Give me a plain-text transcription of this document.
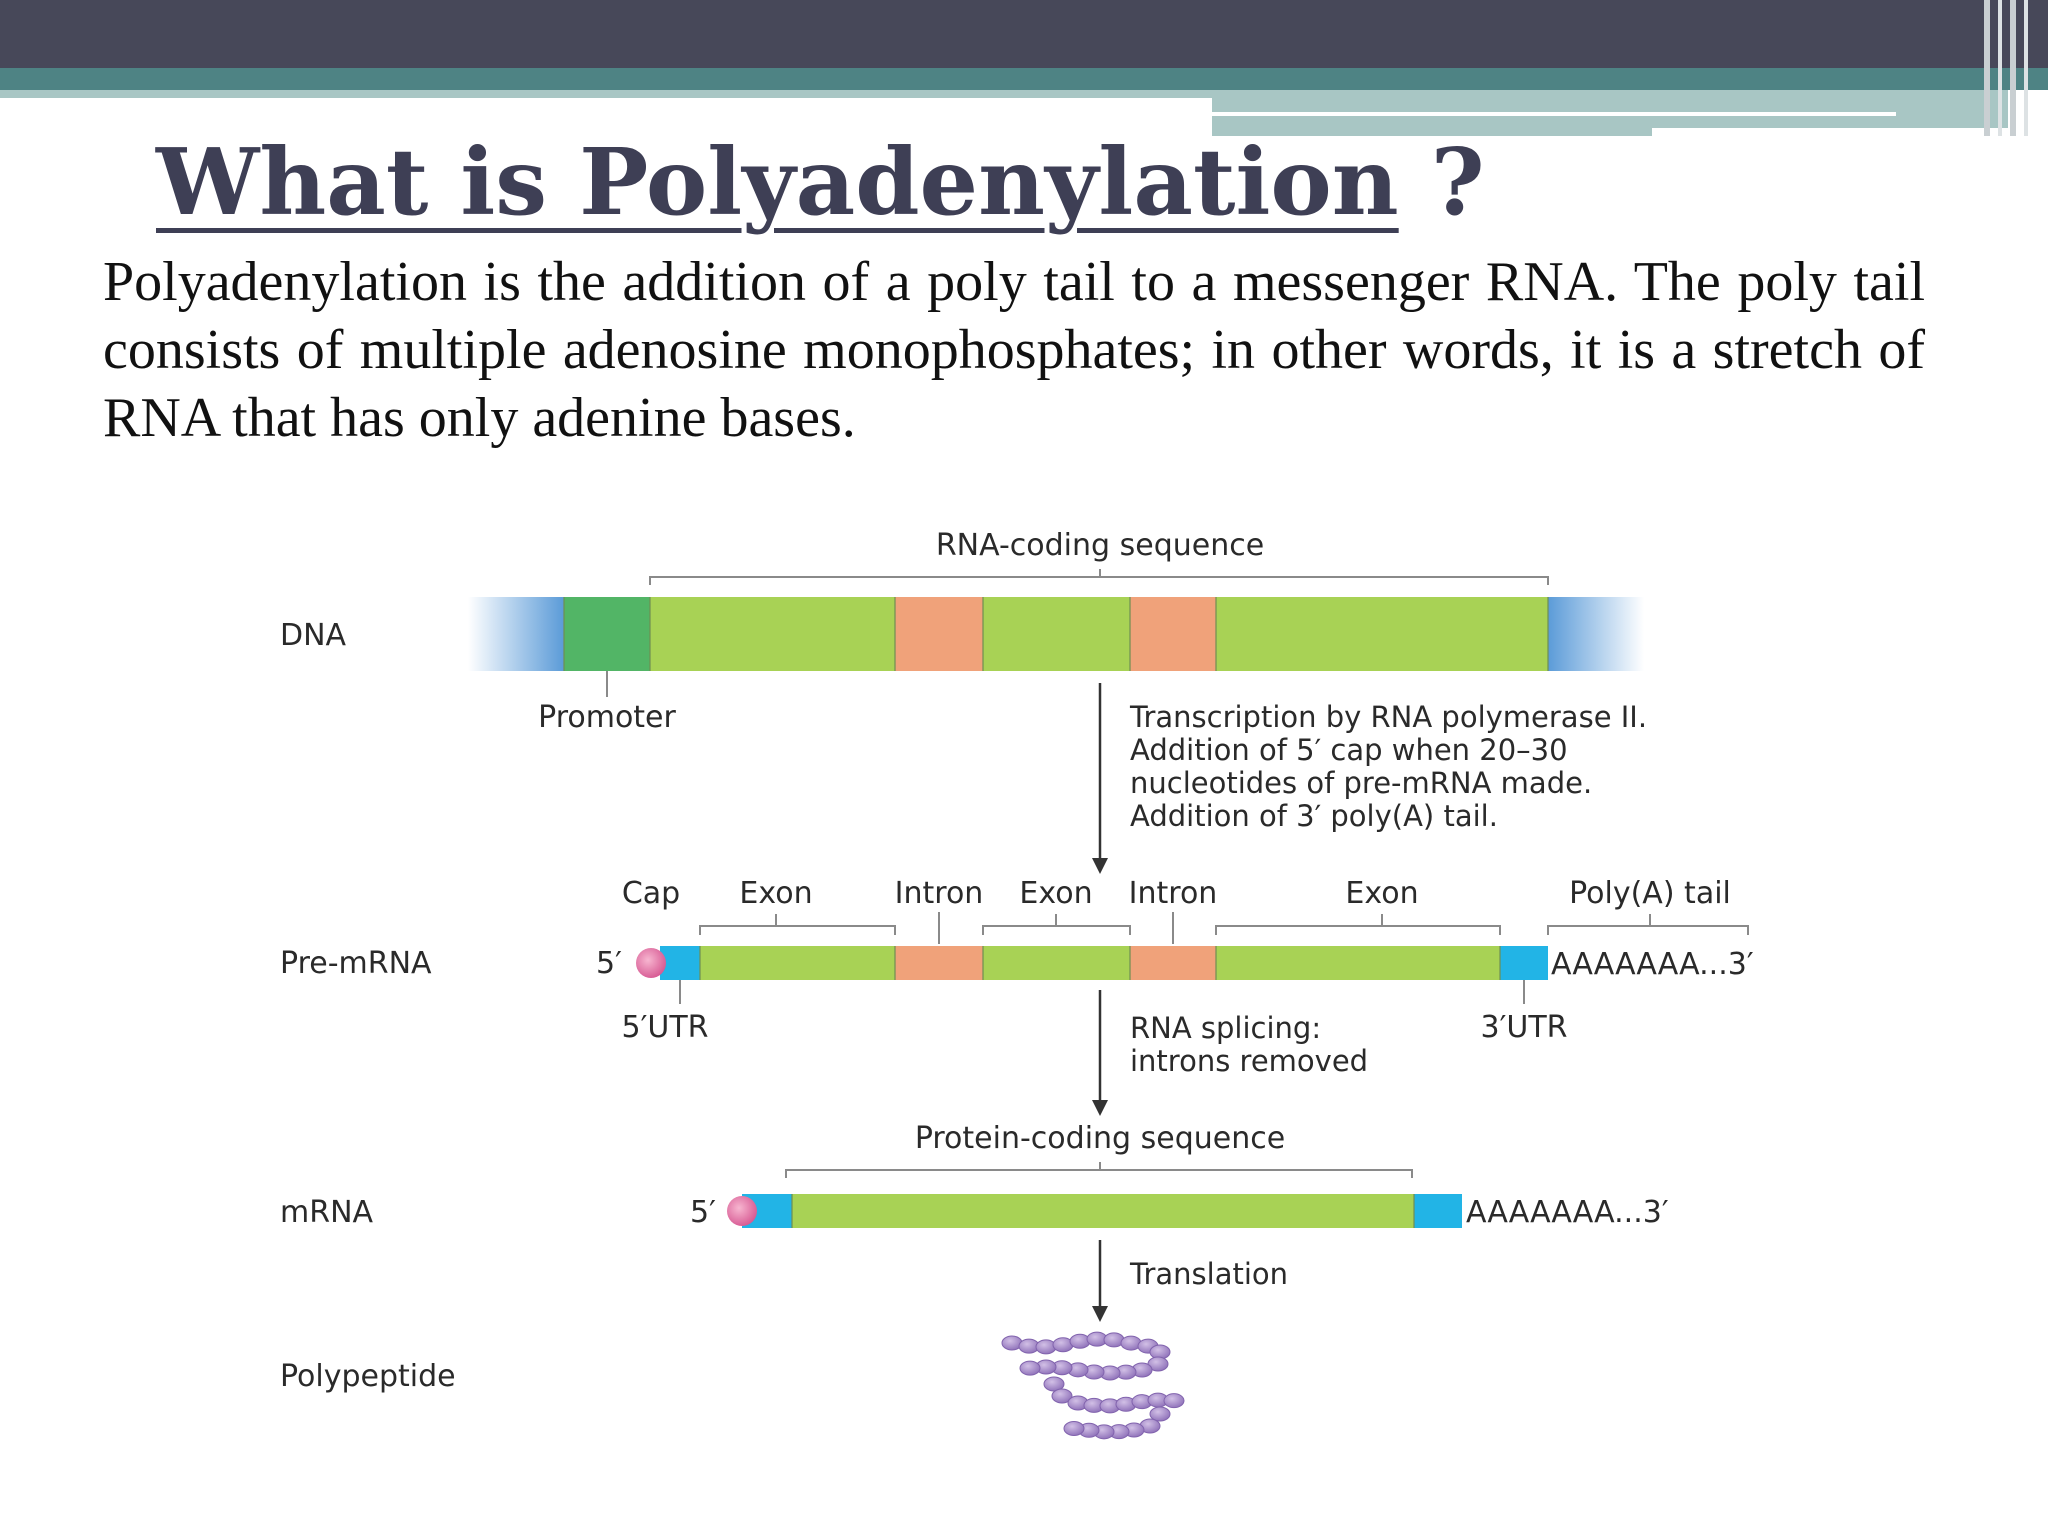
What is Polyadenylation ?

Polyadenylation is the addition of a poly tail to a messenger RNA. The poly tail consists of multiple adenosine monophosphates; in other words, it is a stretch of RNA that has only adenine bases.

DNA
Pre-mRNA
mRNA
Polypeptide
RNA-coding sequence
Promoter	Transcription by RNA polymerase II.
Addition of 5′ cap when 20–30
nucleotides of pre-mRNA made.
Addition of 3′ poly(A) tail.
Cap Exon	Intron Exon Intron	Exon	Poly(A) tail
5′	AAAAAAA...3′
5′UTR	3′UTR
RNA splicing:
introns removed
Protein-coding sequence
5′	AAAAAAA...3′
Translation
